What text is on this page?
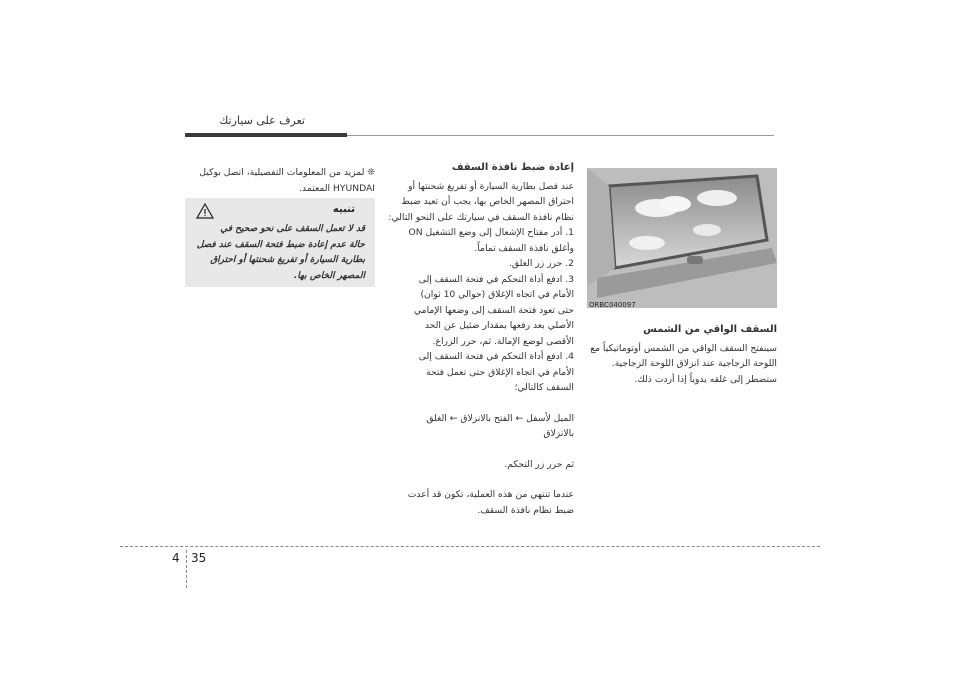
تعرف على سيارتك
ORBC040097

السقف الواقي من الشمس

سينفتح السقف الواقي من الشمس أوتوماتيكياً مع

اللوحة الزجاجية عند انزلاق اللوحة الزجاجية.

ستضطر إلى غلقه يدوياً إذا أردت ذلك.

إعادة ضبط نافذة السقف

عند فصل بطارية السيارة أو تفريغ شحنتها أو

احتراق المصهر الخاص بها، يجب أن تعيد ضبط

نظام نافذة السقف في سيارتك على النحو التالي:

1. أدر مفتاح الإشعال إلى وضع التشغيل ON

وأغلق نافذة السقف تماماً.

2. حرر زر الغلق.

3. ادفع أداة التحكم في فتحة السقف إلى

الأمام في اتجاه الإغلاق (حوالي 10 ثوان)

حتى تعود فتحة السقف إلى وضعها الإمامي

الأصلي بعد رفعها بمقدار ضئيل عن الحد

الأقصى لوضع الإمالة. ثم، حرر الزراع.

4. ادفع أداة التحكم في فتحة السقف إلى

الأمام في اتجاه الإغلاق حتى تعمل فتحة

السقف كالتالي؛

الميل لأسفل ← الفتح بالانزلاق ← الغلق

بالانزلاق

ثم حرر زر التحكم.

عندما تنتهي من هذه العملية، تكون قد أعدت

ضبط نظام نافذة السقف.

❊ لمزيد من المعلومات التفصيلية، اتصل بوكيل

HYUNDAI المعتمد.

تنبيه
قد لا تعمل السقف على نحو صحيح في
حالة عدم إعادة ضبط فتحة السقف عند فصل
بطارية السيارة أو تفريغ شحنتها أو احتراق
المصهر الخاص بها.
4 35
